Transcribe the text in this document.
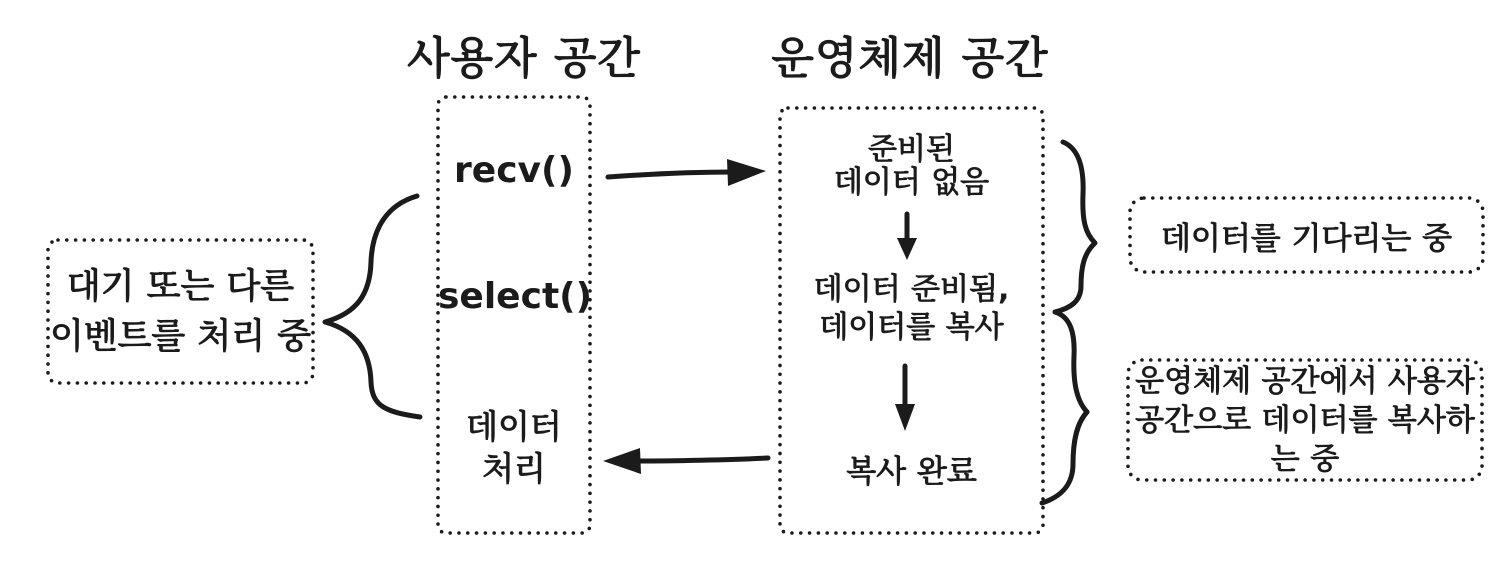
사용자 공간	운영체제 공간
대기 또는 다른
이벤트를 처리 중
recv()
select()
데이터
처리
준비된
데이터 없음
데이터 준비됨,
데이터를 복사
복사 완료
데이터를 기다리는 중
운영체제 공간에서 사용자
공간으로 데이터를 복사하는 중
